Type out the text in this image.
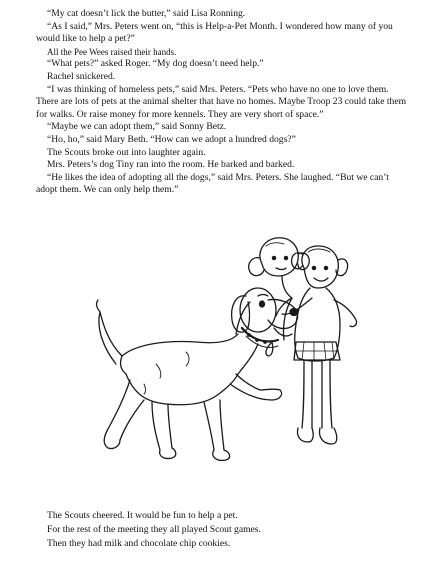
“My cat doesn’t lick the butter,” said Lisa Ronning.

“As I said,” Mrs. Peters went on, “this is Help-a-Pet Month. I wondered how many of you would like to help a pet?”

All the Pee Wees raised their hands.

“What pets?” asked Roger. “My dog doesn’t need help.”

Rachel snickered.

“I was thinking of homeless pets,” said Mrs. Peters. “Pets who have no one to love them. There are lots of pets at the animal shelter that have no homes. Maybe Troop 23 could take them for walks. Or raise money for more kennels. They are very short of space.”

“Maybe we can adopt them,” said Sonny Betz.

“Ho, ho,” said Mary Beth. “How can we adopt a hundred dogs?”

The Scouts broke out into laughter again.

Mrs. Peters’s dog Tiny ran into the room. He barked and barked.

“He likes the idea of adopting all the dogs,” said Mrs. Peters. She laughed. “But we can’t adopt them. We can only help them.”

The Scouts cheered. It would be fun to help a pet.

For the rest of the meeting they all played Scout games.

Then they had milk and chocolate chip cookies.
